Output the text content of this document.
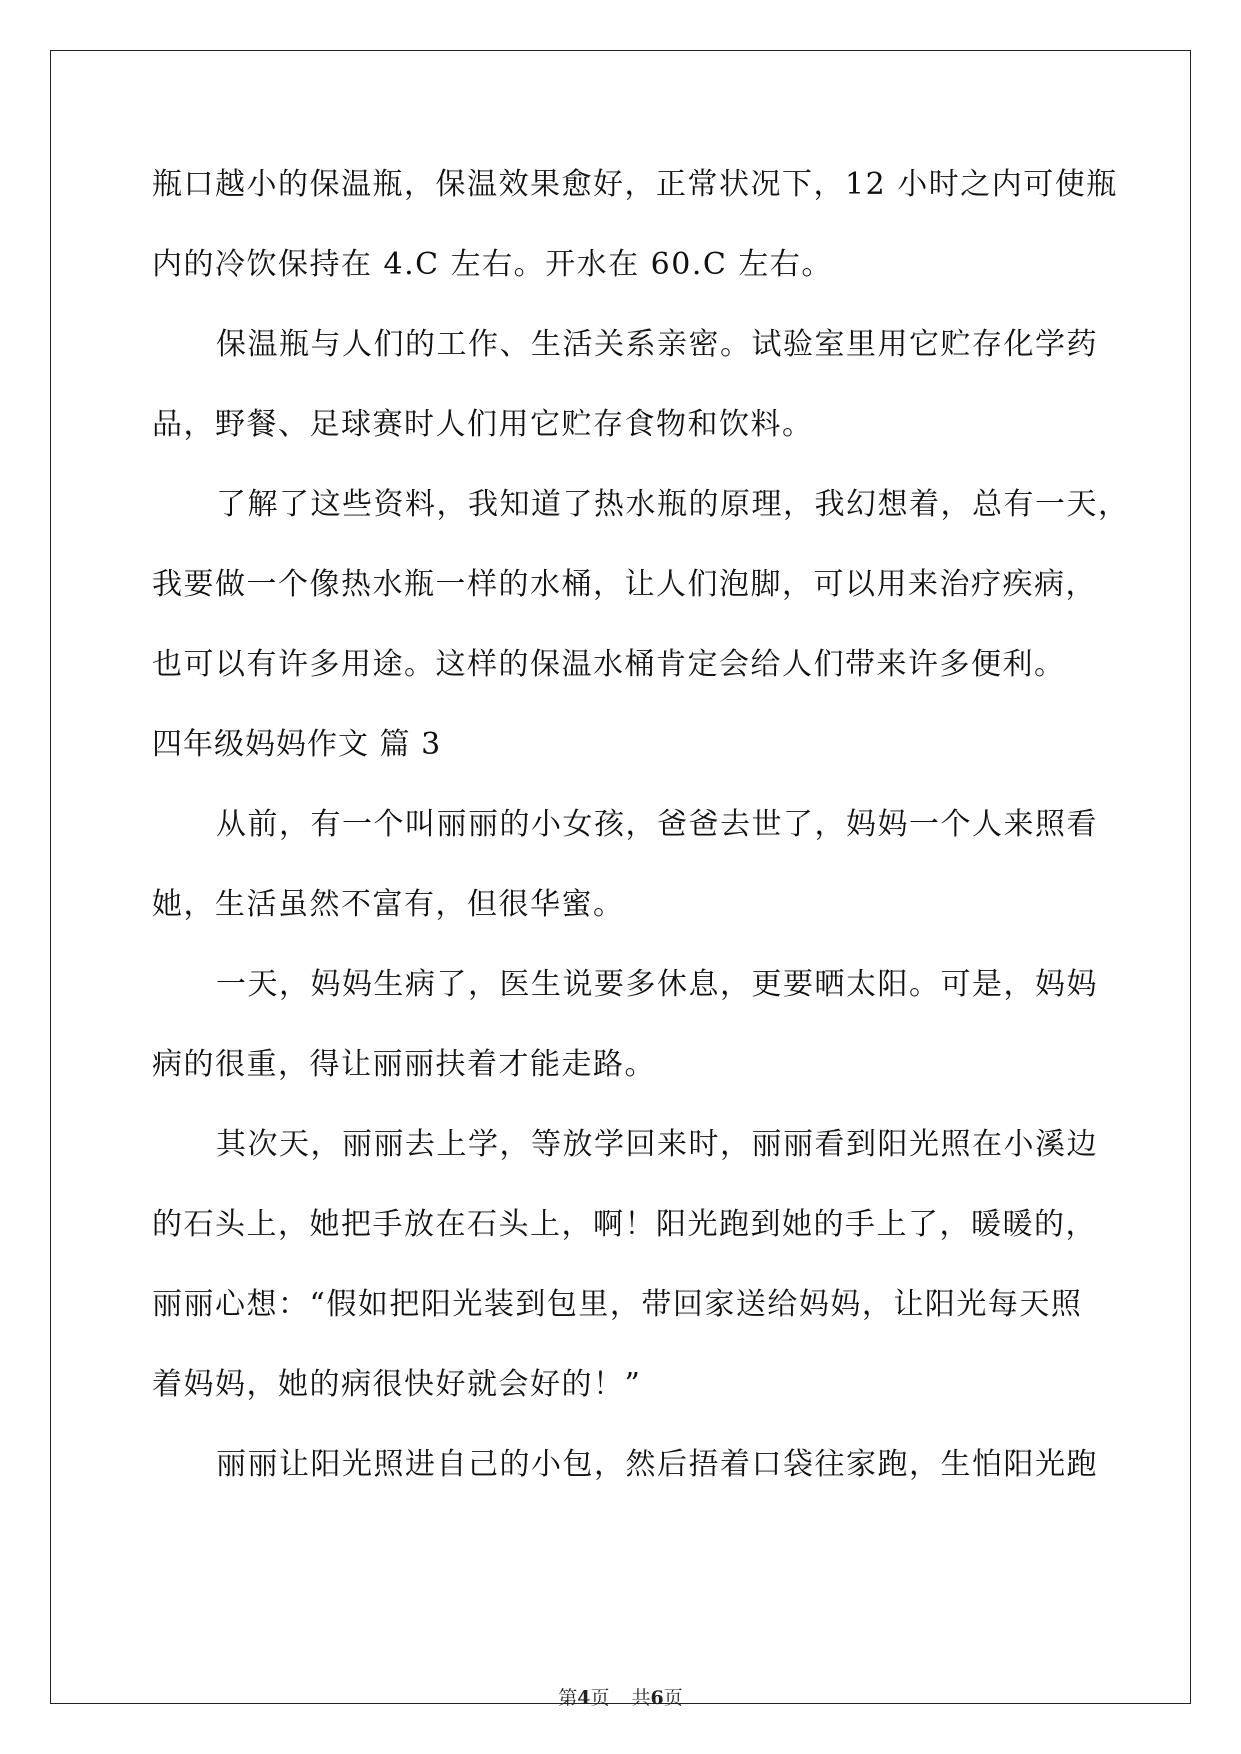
瓶口越小的保温瓶，保温效果愈好，正常状况下，12 小时之内可使瓶
内的冷饮保持在 4.C 左右。开水在 60.C 左右。
保温瓶与人们的工作、生活关系亲密。试验室里用它贮存化学药
品，野餐、足球赛时人们用它贮存食物和饮料。
了解了这些资料，我知道了热水瓶的原理，我幻想着，总有一天，
我要做一个像热水瓶一样的水桶，让人们泡脚，可以用来治疗疾病，
也可以有许多用途。这样的保温水桶肯定会给人们带来许多便利。
四年级妈妈作文 篇 3
从前，有一个叫丽丽的小女孩，爸爸去世了，妈妈一个人来照看
她，生活虽然不富有，但很华蜜。
一天，妈妈生病了，医生说要多休息，更要晒太阳。可是，妈妈
病的很重，得让丽丽扶着才能走路。
其次天，丽丽去上学，等放学回来时，丽丽看到阳光照在小溪边
的石头上，她把手放在石头上，啊！阳光跑到她的手上了，暖暖的，
丽丽心想：“假如把阳光装到包里，带回家送给妈妈，让阳光每天照
着妈妈，她的病很快好就会好的！”
丽丽让阳光照进自己的小包，然后捂着口袋往家跑，生怕阳光跑
第4页 共6页
